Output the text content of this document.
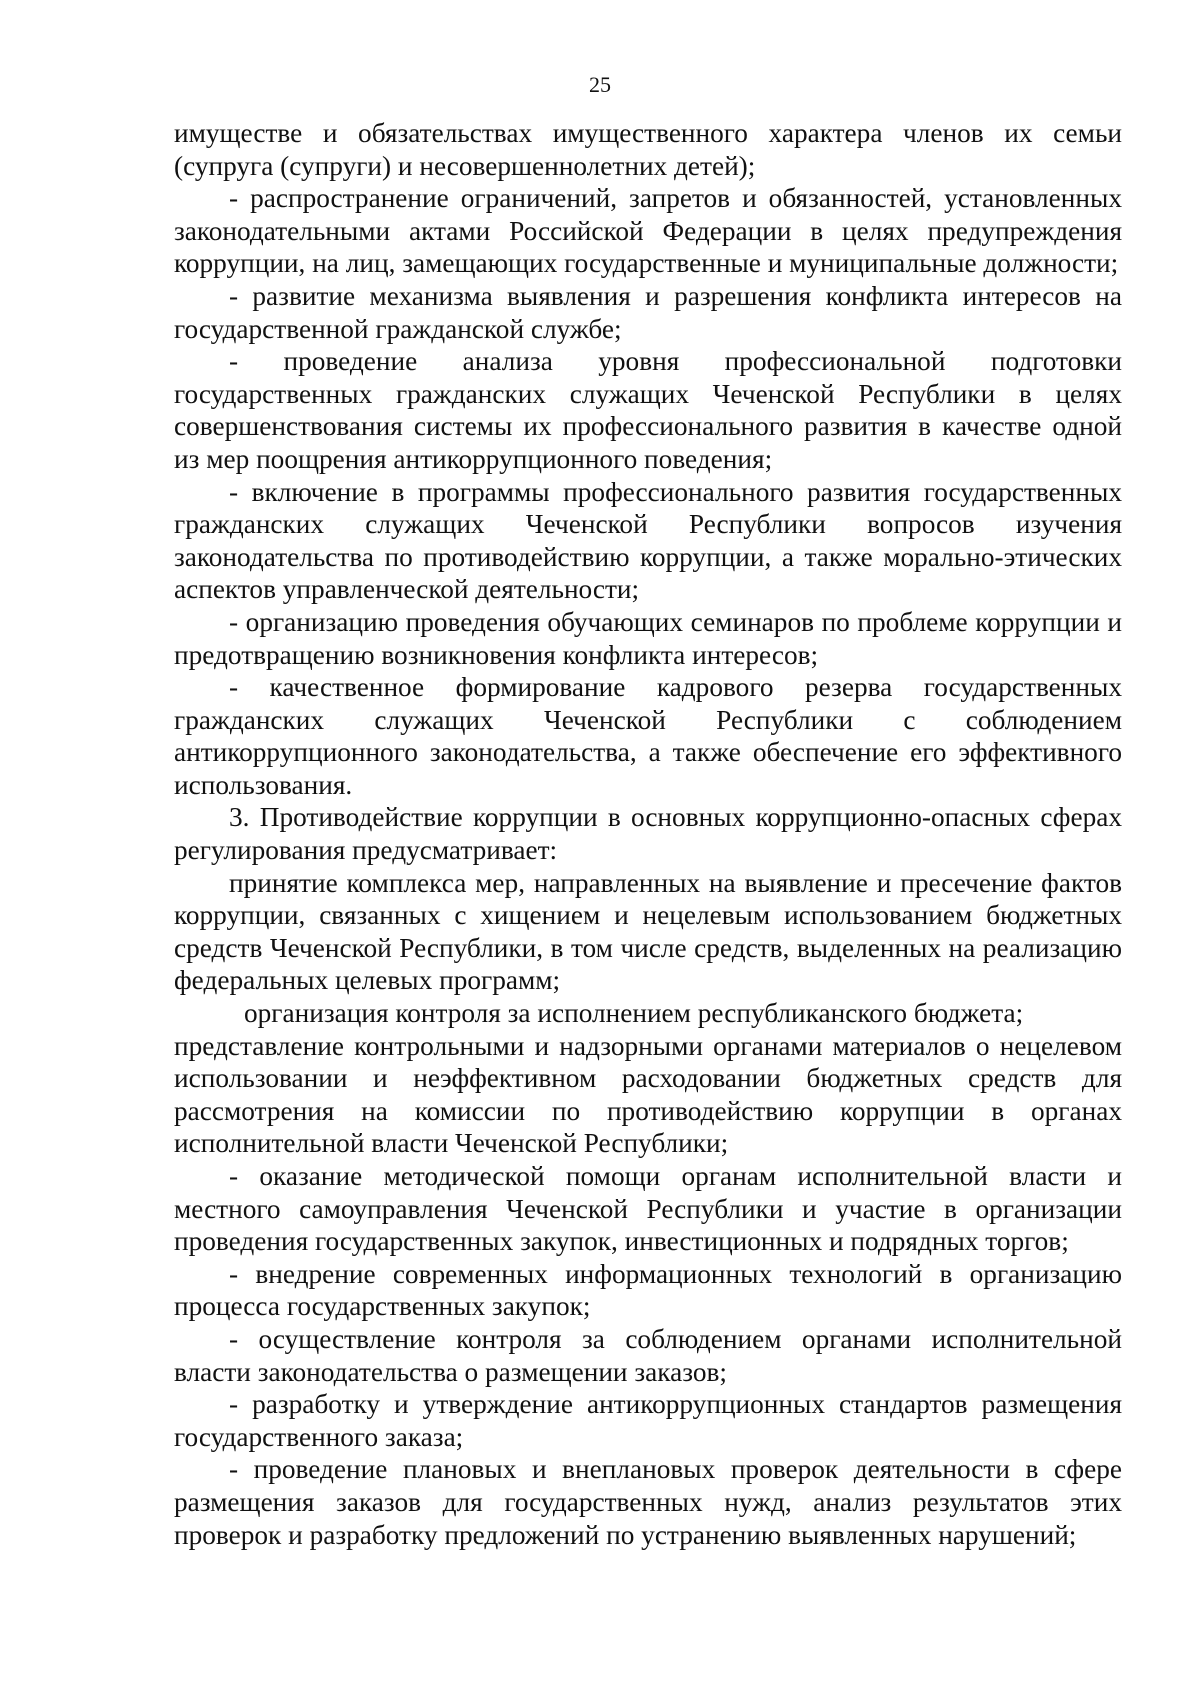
25

имуществе и обязательствах имущественного характера членов их семьи (супруга (супруги) и несовершеннолетних детей);

- распространение ограничений, запретов и обязанностей, установленных законодательными актами Российской Федерации в целях предупреждения коррупции, на лиц, замещающих государственные и муниципальные должности;

- развитие механизма выявления и разрешения конфликта интересов на государственной гражданской службе;

- проведение анализа уровня профессиональной подготовки государственных гражданских служащих Чеченской Республики в целях совершенствования системы их профессионального развития в качестве одной из мер поощрения антикоррупционного поведения;

- включение в программы профессионального развития государственных гражданских служащих Чеченской Республики вопросов изучения законодательства по противодействию коррупции, а также морально-этических аспектов управленческой деятельности;

- организацию проведения обучающих семинаров по проблеме коррупции и предотвращению возникновения конфликта интересов;

- качественное формирование кадрового резерва государственных гражданских служащих Чеченской Республики с соблюдением антикоррупционного законодательства, а также обеспечение его эффективного использования.

3. Противодействие коррупции в основных коррупционно-опасных сферах регулирования предусматривает:

принятие комплекса мер, направленных на выявление и пресечение фактов коррупции, связанных с хищением и нецелевым использованием бюджетных средств Чеченской Республики, в том числе средств, выделенных на реализацию федеральных целевых программ;

организация контроля за исполнением республиканского бюджета;

представление контрольными и надзорными органами материалов о нецелевом использовании и неэффективном расходовании бюджетных средств для рассмотрения на комиссии по противодействию коррупции в органах исполнительной власти Чеченской Республики;

- оказание методической помощи органам исполнительной власти и местного самоуправления Чеченской Республики и участие в организации проведения государственных закупок, инвестиционных и подрядных торгов;

- внедрение современных информационных технологий в организацию процесса государственных закупок;

- осуществление контроля за соблюдением органами исполнительной власти законодательства о размещении заказов;

- разработку и утверждение антикоррупционных стандартов размещения государственного заказа;

- проведение плановых и внеплановых проверок деятельности в сфере размещения заказов для государственных нужд, анализ результатов этих проверок и разработку предложений по устранению выявленных нарушений;
